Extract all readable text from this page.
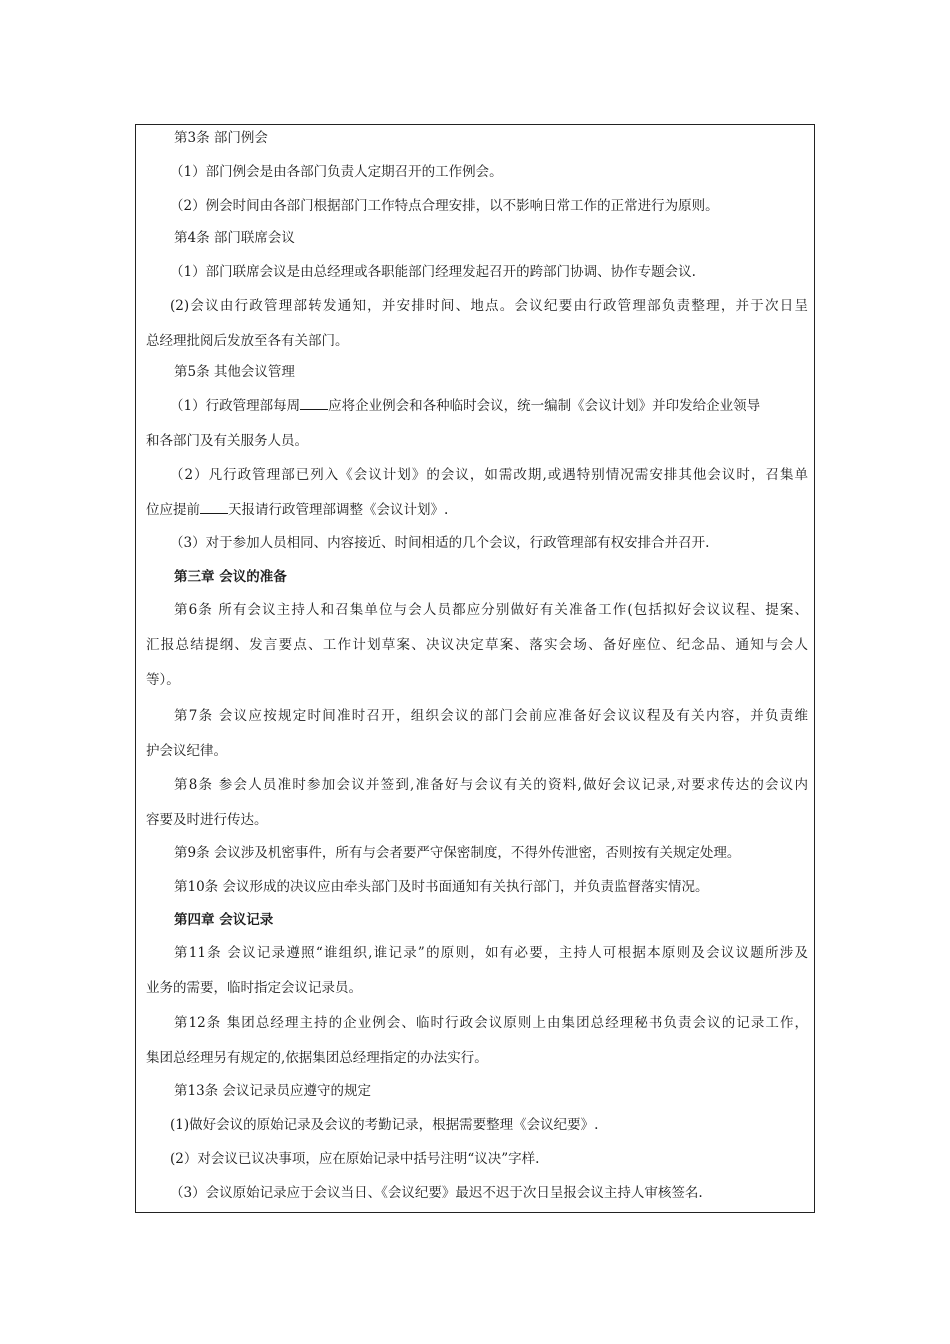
第3条 部门例会
（1）部门例会是由各部门负责人定期召开的工作例会。
（2）例会时间由各部门根据部门工作特点合理安排，以不影响日常工作的正常进行为原则。
第4条 部门联席会议
（1）部门联席会议是由总经理或各职能部门经理发起召开的跨部门协调、协作专题会议.
(2)会议由行政管理部转发通知，并安排时间、地点。会议纪要由行政管理部负责整理，并于次日呈
总经理批阅后发放至各有关部门。
第5条 其他会议管理
（1）行政管理部每周 应将企业例会和各种临时会议，统一编制《会议计划》并印发给企业领导
和各部门及有关服务人员。
（2）凡行政管理部已列入《会议计划》的会议，如需改期,或遇特别情况需安排其他会议时，召集单
位应提前 天报请行政管理部调整《会议计划》.
（3）对于参加人员相同、内容接近、时间相适的几个会议，行政管理部有权安排合并召开.
第三章 会议的准备
第6条 所有会议主持人和召集单位与会人员都应分别做好有关准备工作(包括拟好会议议程、提案、
汇报总结提纲、发言要点、工作计划草案、决议决定草案、落实会场、备好座位、纪念品、通知与会人
等）。
第7条 会议应按规定时间准时召开，组织会议的部门会前应准备好会议议程及有关内容，并负责维
护会议纪律。
第8条 参会人员准时参加会议并签到,准备好与会议有关的资料,做好会议记录,对要求传达的会议内
容要及时进行传达。
第9条 会议涉及机密事件，所有与会者要严守保密制度，不得外传泄密，否则按有关规定处理。
第10条 会议形成的决议应由牵头部门及时书面通知有关执行部门，并负责监督落实情况。
第四章 会议记录
第11条 会议记录遵照“谁组织,谁记录”的原则，如有必要，主持人可根据本原则及会议议题所涉及
业务的需要，临时指定会议记录员。
第12条 集团总经理主持的企业例会、临时行政会议原则上由集团总经理秘书负责会议的记录工作，
集团总经理另有规定的,依据集团总经理指定的办法实行。
第13条 会议记录员应遵守的规定
(1)做好会议的原始记录及会议的考勤记录，根据需要整理《会议纪要》.
(2）对会议已议决事项，应在原始记录中括号注明“议决”字样.
（3）会议原始记录应于会议当日、《会议纪要》最迟不迟于次日呈报会议主持人审核签名.
